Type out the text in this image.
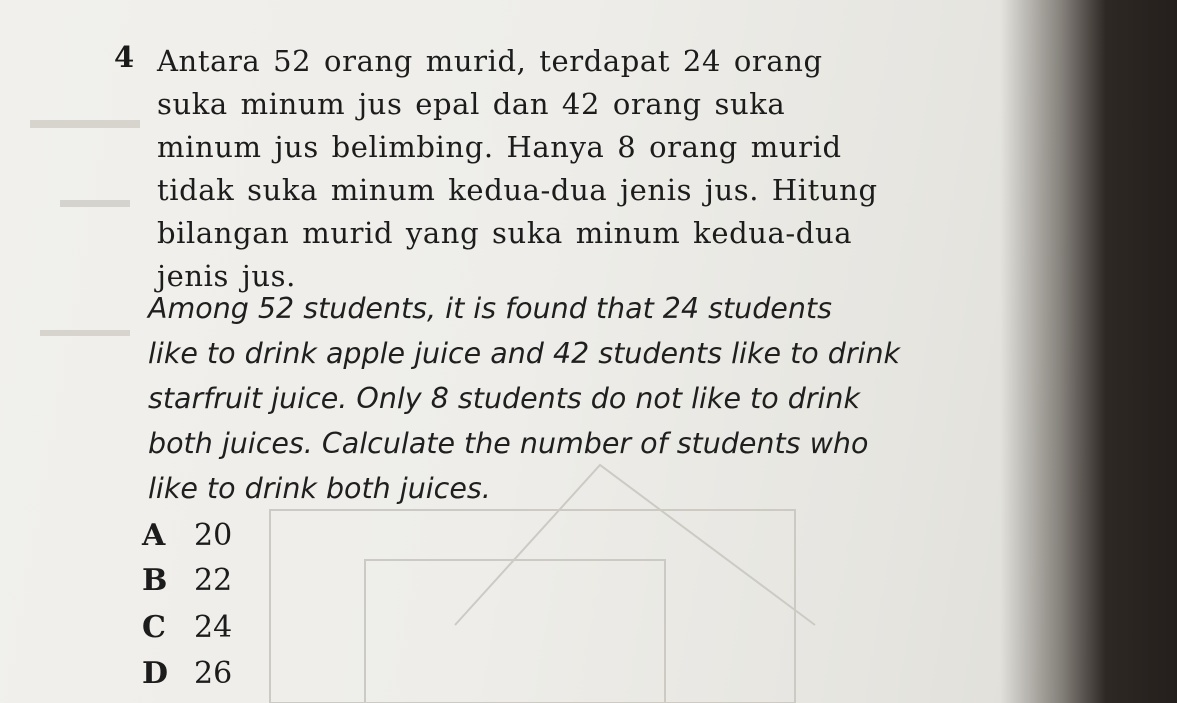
4 Antara 52 orang murid, terdapat 24 orang
suka minum jus epal dan 42 orang suka
minum jus belimbing. Hanya 8 orang murid
tidak suka minum kedua-dua jenis jus. Hitung
bilangan murid yang suka minum kedua-dua
jenis jus.
Among 52 students, it is found that 24 students
like to drink apple juice and 42 students like to drink
starfruit juice. Only 8 students do not like to drink
both juices. Calculate the number of students who
like to drink both juices.
A 20
B 22
C 24
D 26
